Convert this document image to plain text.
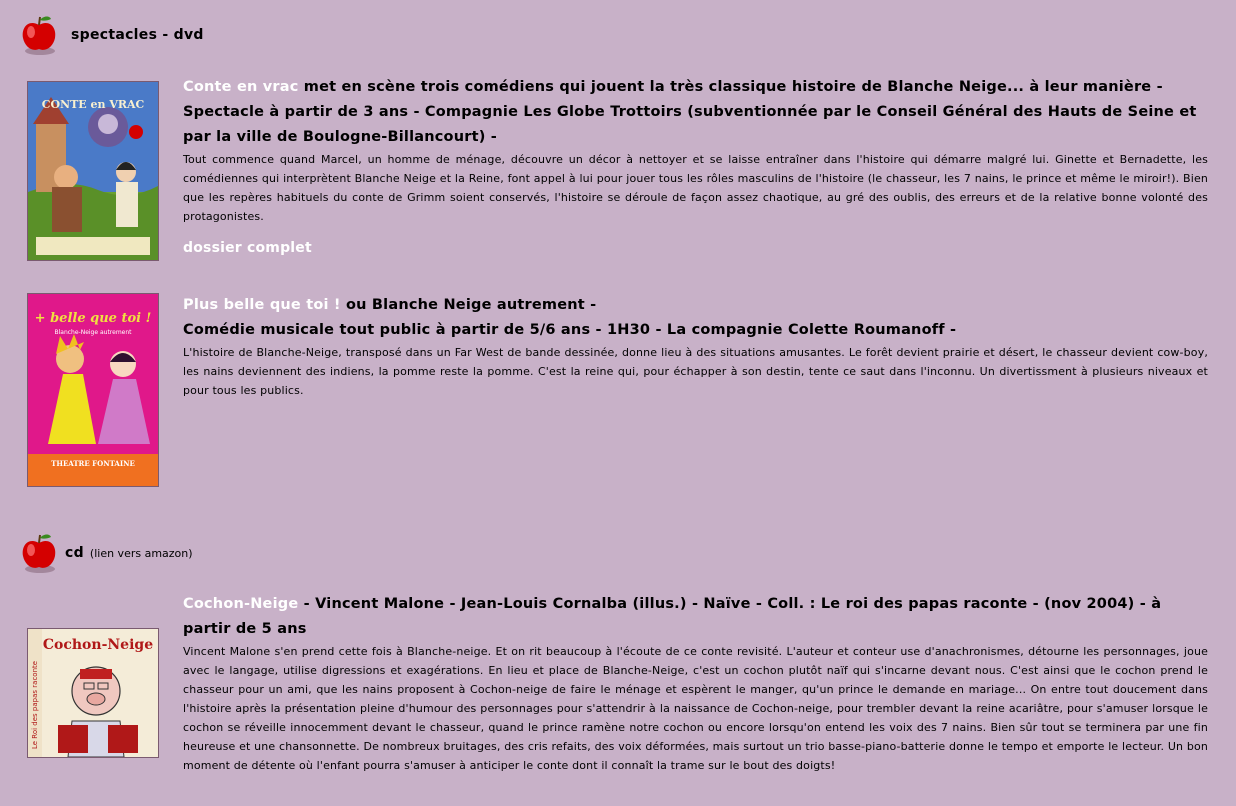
spectacles - dvd
CONTE en VRAC
Conte en vrac met en scène trois comédiens qui jouent la très classique histoire de Blanche Neige... à leur manière - Spectacle à partir de 3 ans - Compagnie Les Globe Trottoirs (subventionnée par le Conseil Général des Hauts de Seine et par la ville de Boulogne-Billancourt) -
Tout commence quand Marcel, un homme de ménage, découvre un décor à nettoyer et se laisse entraîner dans l'histoire qui démarre malgré lui. Ginette et Bernadette, les comédiennes qui interprètent Blanche Neige et la Reine, font appel à lui pour jouer tous les rôles masculins de l'histoire (le chasseur, les 7 nains, le prince et même le miroir!). Bien que les repères habituels du conte de Grimm soient conservés, l'histoire se déroule de façon assez chaotique, au gré des oublis, des erreurs et de la relative bonne volonté des protagonistes.
dossier complet
+ belle que toi !
Blanche-Neige autrement
THEATRE FONTAINE
Plus belle que toi ! ou Blanche Neige autrement -
Comédie musicale tout public à partir de 5/6 ans - 1H30 - La compagnie Colette Roumanoff -
L'histoire de Blanche-Neige, transposé dans un Far West de bande dessinée, donne lieu à des situations amusantes. Le forêt devient prairie et désert, le chasseur devient cow-boy, les nains deviennent des indiens, la pomme reste la pomme. C'est la reine qui, pour échapper à son destin, tente ce saut dans l'inconnu. Un divertissment à plusieurs niveaux et pour tous les publics.
cd (lien vers amazon)
Cochon-Neige
Le Roi des papas raconte
Cochon-Neige - Vincent Malone - Jean-Louis Cornalba (illus.) - Naïve - Coll. : Le roi des papas raconte - (nov 2004) - à partir de 5 ans
Vincent Malone s'en prend cette fois à Blanche-neige. Et on rit beaucoup à l'écoute de ce conte revisité. L'auteur et conteur use d'anachronismes, détourne les personnages, joue avec le langage, utilise digressions et exagérations. En lieu et place de Blanche-Neige, c'est un cochon plutôt naïf qui s'incarne devant nous. C'est ainsi que le cochon prend le chasseur pour un ami, que les nains proposent à Cochon-neige de faire le ménage et espèrent le manger, qu'un prince le demande en mariage... On entre tout doucement dans l'histoire après la présentation pleine d'humour des personnages pour s'attendrir à la naissance de Cochon-neige, pour trembler devant la reine acariâtre, pour s'amuser lorsque le cochon se réveille innocemment devant le chasseur, quand le prince ramène notre cochon ou encore lorsqu'on entend les voix des 7 nains. Bien sûr tout se terminera par une fin heureuse et une chansonnette. De nombreux bruitages, des cris refaits, des voix déformées, mais surtout un trio basse-piano-batterie donne le tempo et emporte le lecteur. Un bon moment de détente où l'enfant pourra s'amuser à anticiper le conte dont il connaît la trame sur le bout des doigts!
